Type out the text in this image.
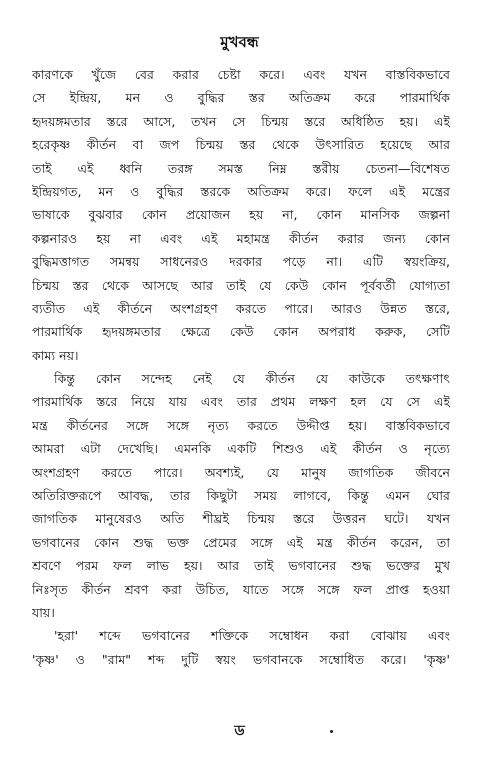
মুখবন্ধ
কারণকে খুঁজে বের করার চেষ্টা করে। এবং যখন বাস্তবিকভাবে
সে ইন্দ্রিয়, মন ও বুদ্ধির স্তর অতিক্রম করে পারমার্থিক
হৃদয়ঙ্গমতার স্তরে আসে, তখন সে চিন্ময় স্তরে অধিষ্ঠিত হয়। এই
হরেকৃষ্ণ কীর্তন বা জপ চিন্ময় স্তর থেকে উৎসারিত হয়েছে আর
তাই এই ধ্বনি তরঙ্গ সমস্ত নিম্ন স্তরীয় চেতনা—বিশেষত
ইন্দ্রিয়গত, মন ও বুদ্ধির স্তরকে অতিক্রম করে। ফলে এই মন্ত্রের
ভাষাকে বুঝবার কোন প্রয়োজন হয় না, কোন মানসিক জল্পনা
কল্পনারও হয় না এবং এই মহামন্ত্র কীর্তন করার জন্য কোন
বুদ্ধিমত্তাগত সমন্বয় সাধনেরও দরকার পড়ে না। এটি স্বয়ংক্রিয়,
চিন্ময় স্তর থেকে আসছে আর তাই যে কেউ কোন পূর্ববর্তী যোগ্যতা
ব্যতীত এই কীর্তনে অংশগ্রহণ করতে পারে। আরও উন্নত স্তরে,
পারমার্থিক হৃদয়ঙ্গমতার ক্ষেত্রে কেউ কোন অপরাধ করুক, সেটি
কাম্য নয়।
কিন্তু কোন সন্দেহ নেই যে কীর্তন যে কাউকে তৎক্ষণাৎ
পারমার্থিক স্তরে নিয়ে যায় এবং তার প্রথম লক্ষণ হল যে সে এই
মন্ত্র কীর্তনের সঙ্গে সঙ্গে নৃত্য করতে উদ্দীপ্ত হয়। বাস্তবিকভাবে
আমরা এটা দেখেছি। এমনকি একটি শিশুও এই কীর্তন ও নৃত্যে
অংশগ্রহণ করতে পারে। অবশ্যই, যে মানুষ জাগতিক জীবনে
অতিরিক্তরূপে আবদ্ধ, তার কিছুটা সময় লাগবে, কিন্তু এমন ঘোর
জাগতিক মানুষেরও অতি শীঘ্রই চিন্ময় স্তরে উত্তরন ঘটে। যখন
ভগবানের কোন শুদ্ধ ভক্ত প্রেমের সঙ্গে এই মন্ত্র কীর্তন করেন, তা
শ্রবণে পরম ফল লাভ হয়। আর তাই ভগবানের শুদ্ধ ভক্তের মুখ
নিঃসৃত কীর্তন শ্রবণ করা উচিত, যাতে সঙ্গে সঙ্গে ফল প্রাপ্ত হওয়া
যায়।
'হরা' শব্দে ভগবানের শক্তিকে সম্বোধন করা বোঝায় এবং
'কৃষ্ণ' ও "রাম" শব্দ দুটি স্বয়ং ভগবানকে সম্বোধিত করে। 'কৃষ্ণ'
ড
